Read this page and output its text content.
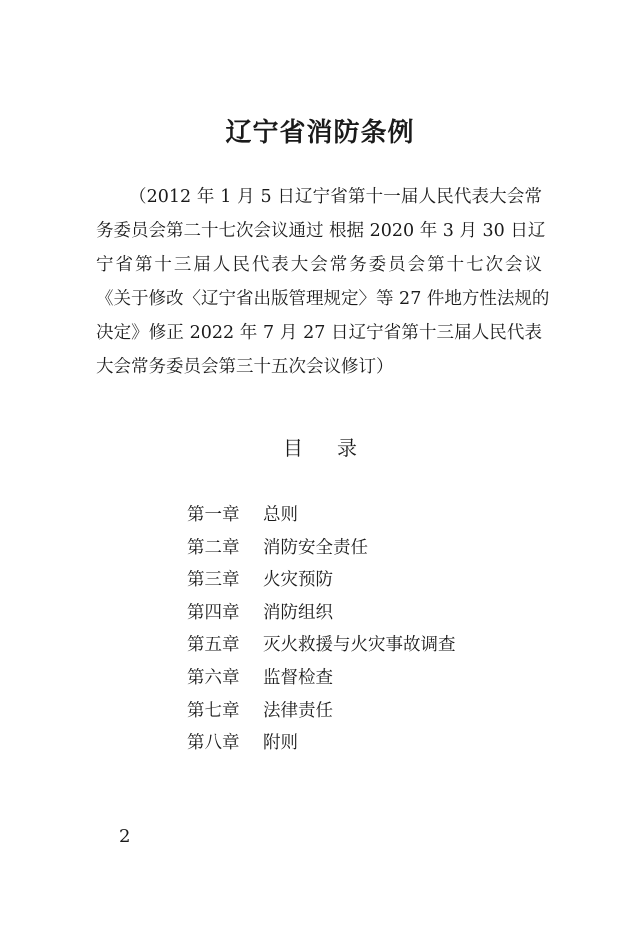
辽宁省消防条例
（2012 年 1 月 5 日辽宁省第十一届人民代表大会常
务委员会第二十七次会议通过 根据 2020 年 3 月 30 日辽
宁省第十三届人民代表大会常务委员会第十七次会议
《关于修改〈辽宁省出版管理规定〉等 27 件地方性法规的
决定》修正 2022 年 7 月 27 日辽宁省第十三届人民代表
大会常务委员会第三十五次会议修订）
目录
第一章 总则
第二章 消防安全责任
第三章 火灾预防
第四章 消防组织
第五章 灭火救援与火灾事故调查
第六章 监督检查
第七章 法律责任
第八章 附则
2
